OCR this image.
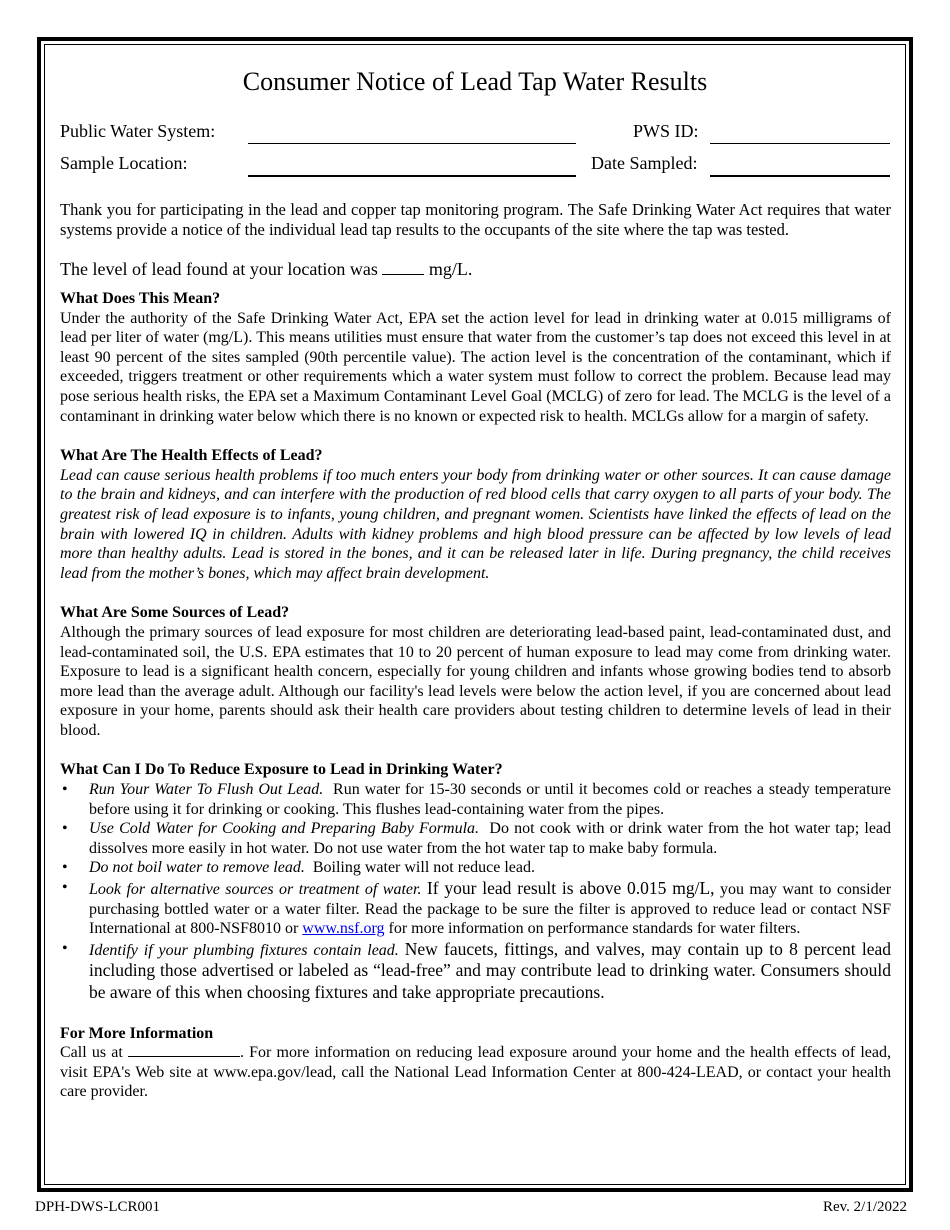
Consumer Notice of Lead Tap Water Results
Public Water System:	PWS ID:
Sample Location:	Date Sampled:

Thank you for participating in the lead and copper tap monitoring program. The Safe Drinking Water Act requires that water systems provide a notice of the individual lead tap results to the occupants of the site where the tap was tested.

The level of lead found at your location was	mg/L.

What Does This Mean?

Under the authority of the Safe Drinking Water Act, EPA set the action level for lead in drinking water at 0.015 milligrams of lead per liter of water (mg/L). This means utilities must ensure that water from the customer’s tap does not exceed this level in at least 90 percent of the sites sampled (90th percentile value). The action level is the concentration of the contaminant, which if exceeded, triggers treatment or other requirements which a water system must follow to correct the problem. Because lead may pose serious health risks, the EPA set a Maximum Contaminant Level Goal (MCLG) of zero for lead. The MCLG is the level of a contaminant in drinking water below which there is no known or expected risk to health. MCLGs allow for a margin of safety.

What Are The Health Effects of Lead?

Lead can cause serious health problems if too much enters your body from drinking water or other sources. It can cause damage to the brain and kidneys, and can interfere with the production of red blood cells that carry oxygen to all parts of your body. The greatest risk of lead exposure is to infants, young children, and pregnant women. Scientists have linked the effects of lead on the brain with lowered IQ in children. Adults with kidney problems and high blood pressure can be affected by low levels of lead more than healthy adults. Lead is stored in the bones, and it can be released later in life. During pregnancy, the child receives lead from the mother’s bones, which may affect brain development.

What Are Some Sources of Lead?

Although the primary sources of lead exposure for most children are deteriorating lead-based paint, lead-contaminated dust, and lead-contaminated soil, the U.S. EPA estimates that 10 to 20 percent of human exposure to lead may come from drinking water. Exposure to lead is a significant health concern, especially for young children and infants whose growing bodies tend to absorb more lead than the average adult. Although our facility's lead levels were below the action level, if you are concerned about lead exposure in your home, parents should ask their health care providers about testing children to determine levels of lead in their blood.

What Can I Do To Reduce Exposure to Lead in Drinking Water?
• Run Your Water To Flush Out Lead. Run water for 15-30 seconds or until it becomes cold or reaches a steady temperature before using it for drinking or cooking. This flushes lead-containing water from the pipes.
• Use Cold Water for Cooking and Preparing Baby Formula. Do not cook with or drink water from the hot water tap; lead dissolves more easily in hot water. Do not use water from the hot water tap to make baby formula.
• Do not boil water to remove lead. Boiling water will not reduce lead.
• Look for alternative sources or treatment of water. If your lead result is above 0.015 mg/L, you may want to consider purchasing bottled water or a water filter. Read the package to be sure the filter is approved to reduce lead or contact NSF International at 800-NSF8010 or www.nsf.org for more information on performance standards for water filters.
• Identify if your plumbing fixtures contain lead. New faucets, fittings, and valves, may contain up to 8 percent lead including those advertised or labeled as “lead-free” and may contribute lead to drinking water. Consumers should be aware of this when choosing fixtures and take appropriate precautions.
For More Information

Call us at	. For more information on reducing lead exposure around your home and the health effects of lead, visit EPA's Web site at www.epa.gov/lead, call the National Lead Information Center at 800-424-LEAD, or contact your health care provider.

DPH-DWS-LCR001	Rev. 2/1/2022
